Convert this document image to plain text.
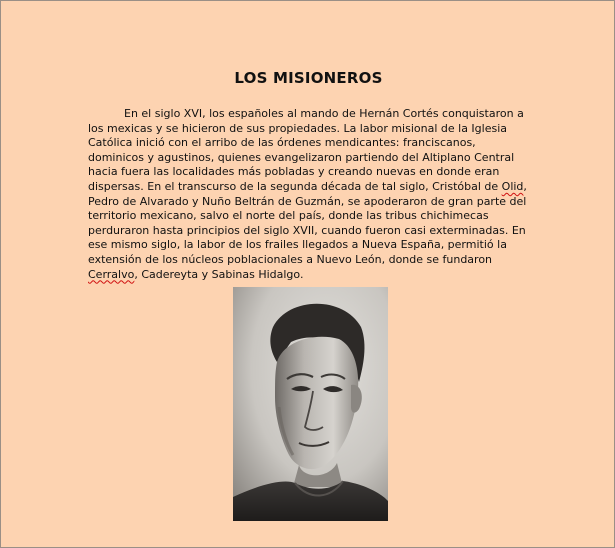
LOS MISIONEROS

En el siglo XVI, los españoles al mando de Hernán Cortés conquistaron a los mexicas y se hicieron de sus propiedades. La labor misional de la Iglesia Católica inició con el arribo de las órdenes mendicantes: franciscanos, dominicos y agustinos, quienes evangelizaron partiendo del Altiplano Central hacia fuera las localidades más pobladas y creando nuevas en donde eran dispersas. En el transcurso de la segunda década de tal siglo, Cristóbal de Olid, Pedro de Alvarado y Nuño Beltrán de Guzmán, se apoderaron de gran parte del territorio mexicano, salvo el norte del país, donde las tribus chichimecas perduraron hasta principios del siglo XVII, cuando fueron casi exterminadas. En ese mismo siglo, la labor de los frailes llegados a Nueva España, permitió la extensión de los núcleos poblacionales a Nuevo León, donde se fundaron Cerralvo, Cadereyta y Sabinas Hidalgo.
